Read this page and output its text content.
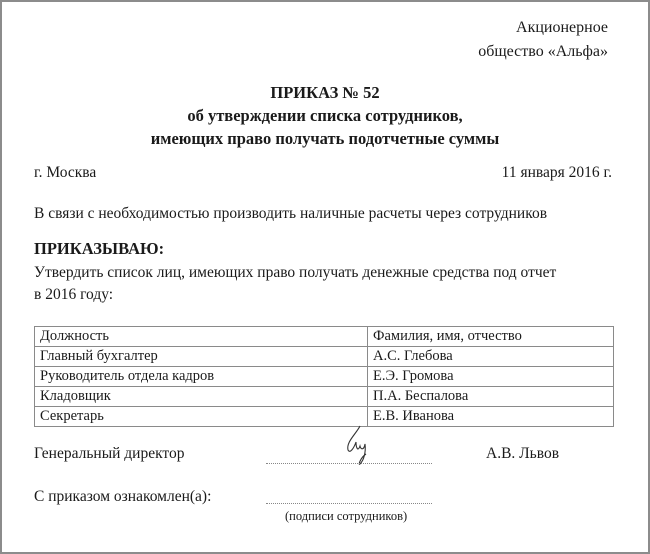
Акционерное
общество «Альфа»
ПРИКАЗ № 52
об утверждении списка сотрудников,
имеющих право получать подотчетные суммы
г. Москва	11 января 2016 г.
В связи с необходимостью производить наличные расчеты через сотрудников
ПРИКАЗЫВАЮ:
Утвердить список лиц, имеющих право получать денежные средства под отчет
в 2016 году:
Должность	Фамилия, имя, отчество
Главный бухгалтер	А.С. Глебова
Руководитель отдела кадров	Е.Э. Громова
Кладовщик	П.А. Беспалова
Секретарь	Е.В. Иванова
Генеральный директор	А.В. Львов
С приказом ознакомлен(а):
(подписи сотрудников)
